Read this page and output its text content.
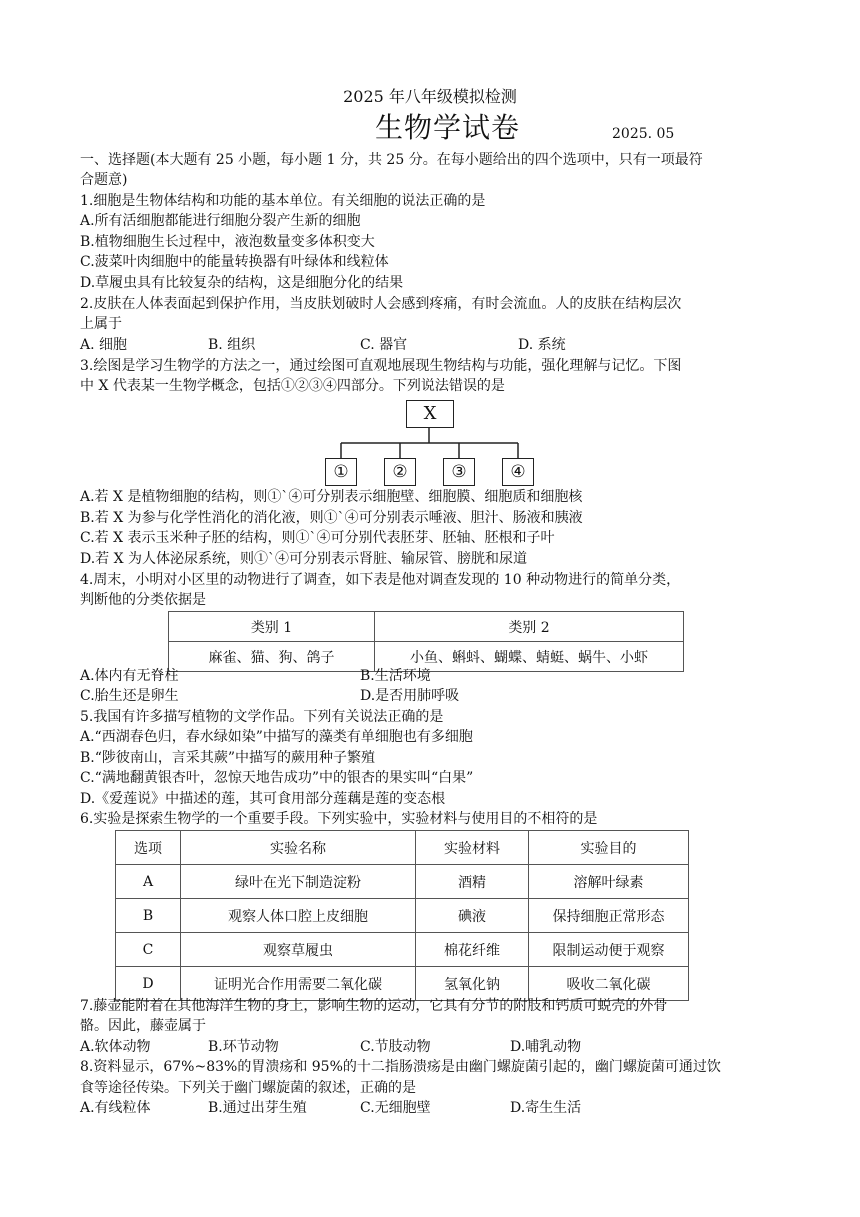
2025 年八年级模拟检测
生物学试卷	2025. 05
一、选择题(本大题有 25 小题，每小题 1 分，共 25 分。在每小题给出的四个选项中，只有一项最符
合题意)
1.细胞是生物体结构和功能的基本单位。有关细胞的说法正确的是
A.所有活细胞都能进行细胞分裂产生新的细胞
B.植物细胞生长过程中，液泡数量变多体积变大
C.菠菜叶肉细胞中的能量转换器有叶绿体和线粒体
D.草履虫具有比较复杂的结构，这是细胞分化的结果
2.皮肤在人体表面起到保护作用，当皮肤划破时人会感到疼痛，有时会流血。人的皮肤在结构层次
上属于
A. 细胞	B. 组织	C. 器官	D. 系统
3.绘图是学习生物学的方法之一，通过绘图可直观地展现生物结构与功能，强化理解与记忆。下图
中 X 代表某一生物学概念，包括①②③④四部分。下列说法错误的是
X
①	②	③	④
A.若 X 是植物细胞的结构，则①`④可分别表示细胞壁、细胞膜、细胞质和细胞核
B.若 X 为参与化学性消化的消化液，则①`④可分别表示唾液、胆汁、肠液和胰液
C.若 X 表示玉米种子胚的结构，则①`④可分别代表胚芽、胚轴、胚根和子叶
D.若 X 为人体泌尿系统，则①`④可分别表示肾脏、输尿管、膀胱和尿道
4.周末，小明对小区里的动物进行了调查，如下表是他对调查发现的 10 种动物进行的简单分类，
判断他的分类依据是
类别 1	类别 2
麻雀、猫、狗、鸽子	小鱼、蝌蚪、蝴蝶、蜻蜓、蜗牛、小虾
A.体内有无脊柱	B.生活环境
C.胎生还是卵生	D.是否用肺呼吸
5.我国有许多描写植物的文学作品。下列有关说法正确的是
A.“西湖春色归，春水绿如染”中描写的藻类有单细胞也有多细胞
B.“陟彼南山，言采其蕨”中描写的蕨用种子繁殖
C.“满地翻黄银杏叶，忽惊天地告成功”中的银杏的果实叫“白果”
D.《爱莲说》中描述的莲，其可食用部分莲藕是莲的变态根
6.实验是探索生物学的一个重要手段。下列实验中，实验材料与使用目的不相符的是
选项	实验名称	实验材料	实验目的
A	绿叶在光下制造淀粉	酒精	溶解叶绿素
B	观察人体口腔上皮细胞	碘液	保持细胞正常形态
C	观察草履虫	棉花纤维	限制运动便于观察
D	证明光合作用需要二氧化碳	氢氧化钠	吸收二氧化碳
7.藤壶能附着在其他海洋生物的身上，影响生物的运动，它具有分节的附肢和钙质可蜕壳的外骨
骼。因此，藤壶属于
A.软体动物	B.环节动物	C.节肢动物	D.哺乳动物
8.资料显示，67%~83%的胃溃疡和 95%的十二指肠溃疡是由幽门螺旋菌引起的，幽门螺旋菌可通过饮
食等途径传染。下列关于幽门螺旋菌的叙述，正确的是
A.有线粒体	B.通过出芽生殖	C.无细胞壁	D.寄生生活
